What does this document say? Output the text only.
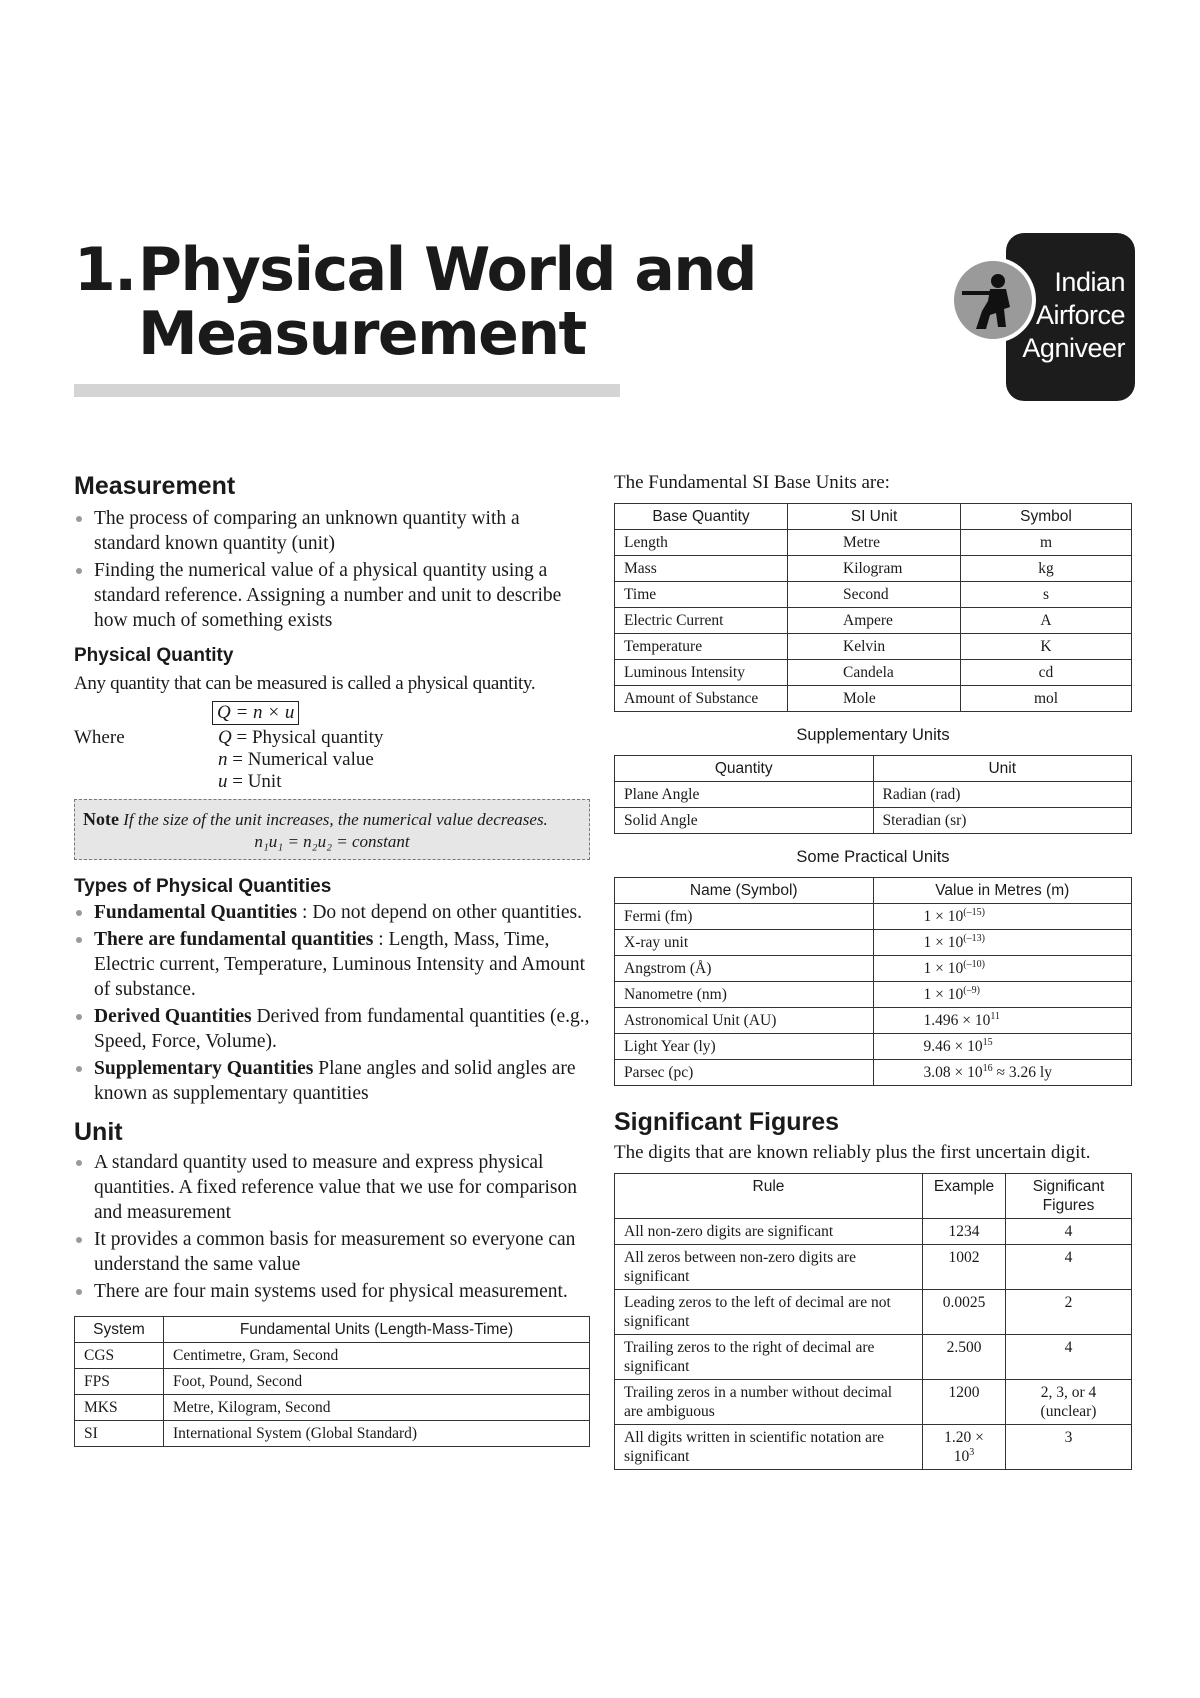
1.Physical World and
Measurement
Indian
Airforce
Agniveer
Measurement
The process of comparing an unknown quantity with a standard known quantity (unit)
Finding the numerical value of a physical quantity using a standard reference. Assigning a number and unit to describe how much of something exists
Physical Quantity

Any quantity that can be measured is called a physical quantity.

Q = n × u
Where	Q = Physical quantity
n = Numerical value
u = Unit
Note If the size of the unit increases, the numerical value decreases.
n₁u₁ = n₂u₂ = constant
Types of Physical Quantities
Fundamental Quantities : Do not depend on other quantities.
There are fundamental quantities : Length, Mass, Time, Electric current, Temperature, Luminous Intensity and Amount of substance.
Derived Quantities Derived from fundamental quantities (e.g., Speed, Force, Volume).
Supplementary Quantities Plane angles and solid angles are known as supplementary quantities
Unit
A standard quantity used to measure and express physical quantities. A fixed reference value that we use for comparison and measurement
It provides a common basis for measurement so everyone can understand the same value
There are four main systems used for physical measurement.
System	Fundamental Units (Length-Mass-Time)
CGS	Centimetre, Gram, Second
FPS	Foot, Pound, Second
MKS	Metre, Kilogram, Second
SI	International System (Global Standard)

The Fundamental SI Base Units are:

Base Quantity	SI Unit	Symbol
Length	Metre	m
Mass	Kilogram	kg
Time	Second	s
Electric Current	Ampere	A
Temperature	Kelvin	K
Luminous Intensity	Candela	cd
Amount of Substance	Mole	mol
Supplementary Units
Quantity	Unit
Plane Angle	Radian (rad)
Solid Angle	Steradian (sr)
Some Practical Units
Name (Symbol)	Value in Metres (m)
Fermi (fm)	$1 \times 10^{(-15)}$
X-ray unit	$1 \times 10^{(-13)}$
Angstrom (Å)	$1 \times 10^{(-10)}$
Nanometre (nm)	$1 \times 10^{(-9)}$
Astronomical Unit (AU)	$1.496 \times 10^{11}$
Light Year (ly)	$9.46 \times 10^{15}$
Parsec (pc)	$3.08 \times 10^{16} \approx 3.26$ ly
Significant Figures

The digits that are known reliably plus the first uncertain digit.

Rule	Example	Significant Figures
All non-zero digits are significant	1234	4
All zeros between non-zero digits are significant	1002	4
Leading zeros to the left of decimal are not significant	0.0025	2
Trailing zeros to the right of decimal are significant	2.500	4
Trailing zeros in a number without decimal are ambiguous	1200	2, 3, or 4 (unclear)
All digits written in scientific notation are significant	$1.20 \times 10^3$	3
